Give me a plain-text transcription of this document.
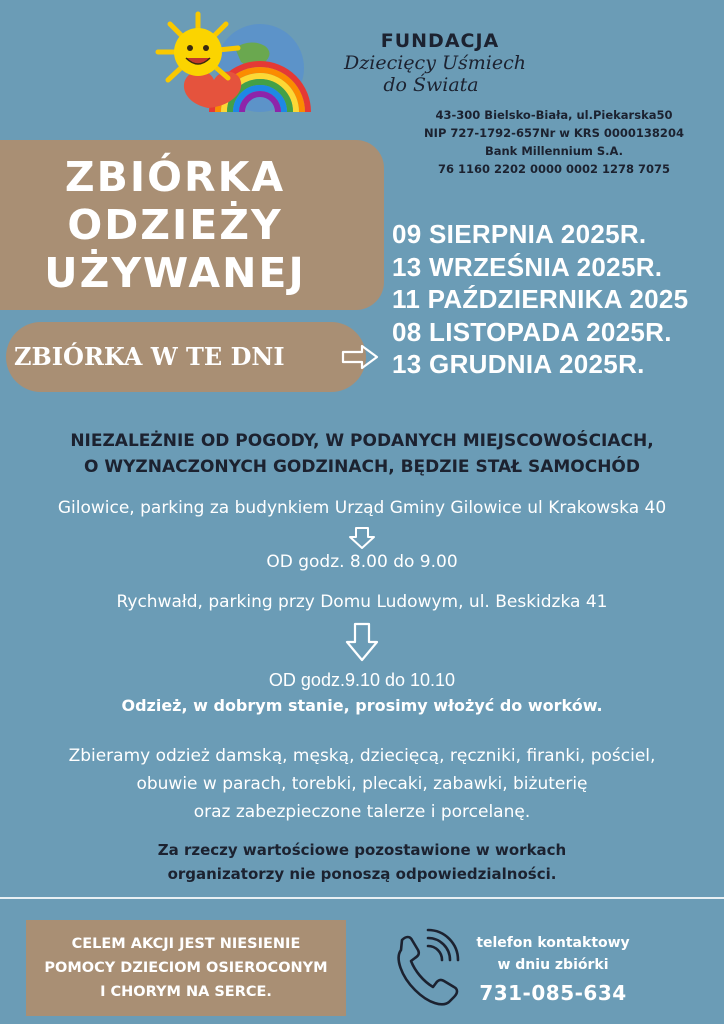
FUNDACJA
Dziecięcy Uśmiech
do Świata
43-300 Bielsko-Biała, ul.Piekarska50
NIP 727-1792-657Nr w KRS 0000138204
Bank Millennium S.A.
76 1160 2202 0000 0002 1278 7075
ZBIÓRKA
ODZIEŻY
UŻYWANEJ
ZBIÓRKA W TE DNI
09 SIERPNIA 2025R.
13 WRZEŚNIA 2025R.
11 PAŹDZIERNIKA 2025
08 LISTOPADA 2025R.
13 GRUDNIA 2025R.
NIEZALEŻNIE OD POGODY, W PODANYCH MIEJSCOWOŚCIACH,
O WYZNACZONYCH GODZINACH, BĘDZIE STAŁ SAMOCHÓD
Gilowice, parking za budynkiem Urząd Gminy Gilowice ul Krakowska 40
OD godz. 8.00 do 9.00
Rychwałd, parking przy Domu Ludowym, ul. Beskidzka 41
OD godz.9.10 do 10.10
Odzież, w dobrym stanie, prosimy włożyć do worków.
Zbieramy odzież damską, męską, dziecięcą, ręczniki, firanki, pościel,
obuwie w parach, torebki, plecaki, zabawki, biżuterię
oraz zabezpieczone talerze i porcelanę.
Za rzeczy wartościowe pozostawione w workach
organizatorzy nie ponoszą odpowiedzialności.
CELEM AKCJI JEST NIESIENIE
POMOCY DZIECIOM OSIEROCONYM
I CHORYM NA SERCE.
telefon kontaktowy
w dniu zbiórki
731-085-634
